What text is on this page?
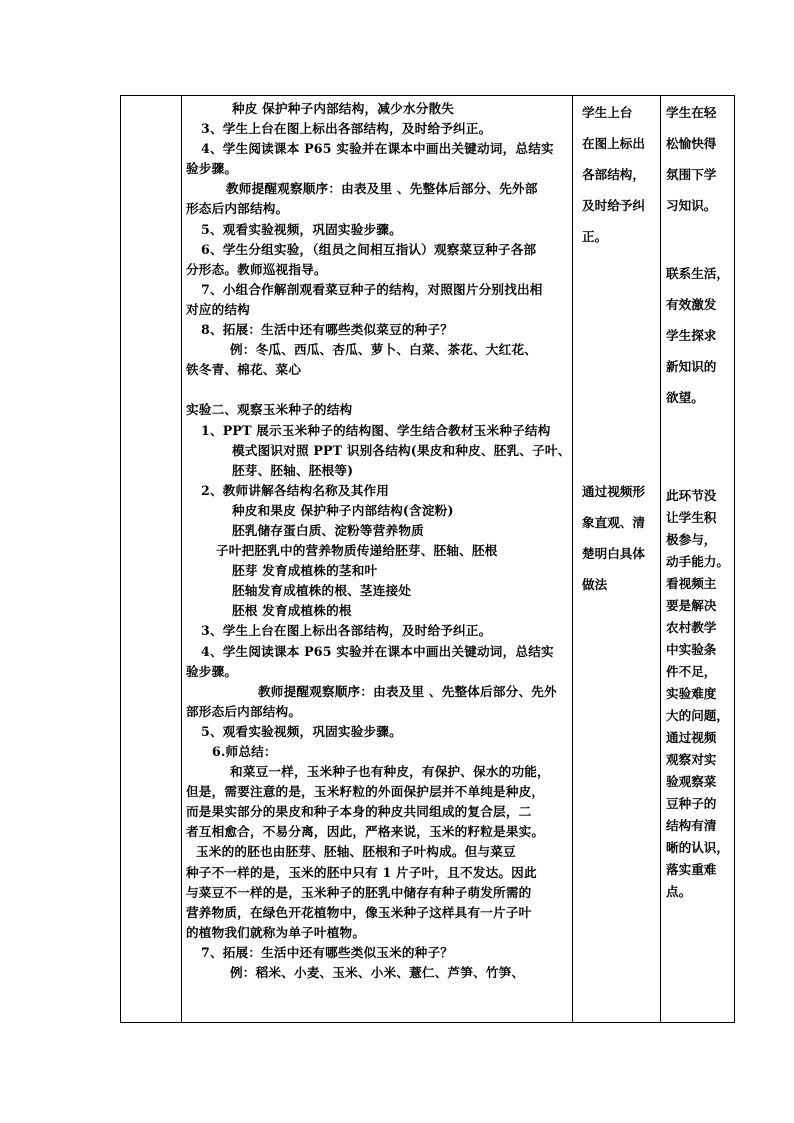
种皮 保护种子内部结构，减少水分散失
3、学生上台在图上标出各部结构，及时给予纠正。
4、学生阅读课本 P65 实验并在课本中画出关键动词，总结实
验步骤。
教师提醒观察顺序：由表及里 、先整体后部分、先外部
形态后内部结构。
5、观看实验视频，巩固实验步骤。
6、学生分组实验，（组员之间相互指认）观察菜豆种子各部
分形态。教师巡视指导。
7、小组合作解剖观看菜豆种子的结构，对照图片分别找出相
对应的结构
8、拓展：生活中还有哪些类似菜豆的种子？
例：冬瓜、西瓜、杏瓜、萝卜、白菜、茶花、大红花、
铁冬青、棉花、菜心
实验二、观察玉米种子的结构
1、PPT 展示玉米种子的结构图、学生结合教材玉米种子结构
模式图识对照 PPT 识别各结构(果皮和种皮、胚乳、子叶、
胚芽、胚轴、胚根等)
2、教师讲解各结构名称及其作用
种皮和果皮 保护种子内部结构(含淀粉)
胚乳储存蛋白质、淀粉等营养物质
子叶把胚乳中的营养物质传递给胚芽、胚轴、胚根
胚芽 发育成植株的茎和叶
胚轴发育成植株的根、茎连接处
胚根 发育成植株的根
3、学生上台在图上标出各部结构，及时给予纠正。
4、学生阅读课本 P65 实验并在课本中画出关键动词，总结实
验步骤。
教师提醒观察顺序：由表及里 、先整体后部分、先外
部形态后内部结构。
5、观看实验视频，巩固实验步骤。
6.师总结：
和菜豆一样，玉米种子也有种皮，有保护、保水的功能，
但是，需要注意的是，玉米籽粒的外面保护层并不单纯是种皮，
而是果实部分的果皮和种子本身的种皮共同组成的复合层，二
者互相愈合，不易分离，因此，严格来说，玉米的籽粒是果实。
玉米的的胚也由胚芽、胚轴、胚根和子叶构成。但与菜豆
种子不一样的是，玉米的胚中只有 1 片子叶，且不发达。因此
与菜豆不一样的是，玉米种子的胚乳中储存有种子萌发所需的
营养物质，在绿色开花植物中，像玉米种子这样具有一片子叶
的植物我们就称为单子叶植物。
7、拓展：生活中还有哪些类似玉米的种子？
例：稻米、小麦、玉米、小米、薏仁、芦笋、竹笋、
学生上台
在图上标出
各部结构，
及时给予纠
正。
通过视频形
象直观、清
楚明白具体
做法
学生在轻
松愉快得
氛围下学
习知识。
联系生活，
有效激发
学生探求
新知识的
欲望。
此环节没
让学生积
极参与，
动手能力。
看视频主
要是解决
农村教学
中实验条
件不足，
实验难度
大的问题，
通过视频
观察对实
验观察菜
豆种子的
结构有清
晰的认识，
落实重难
点。
